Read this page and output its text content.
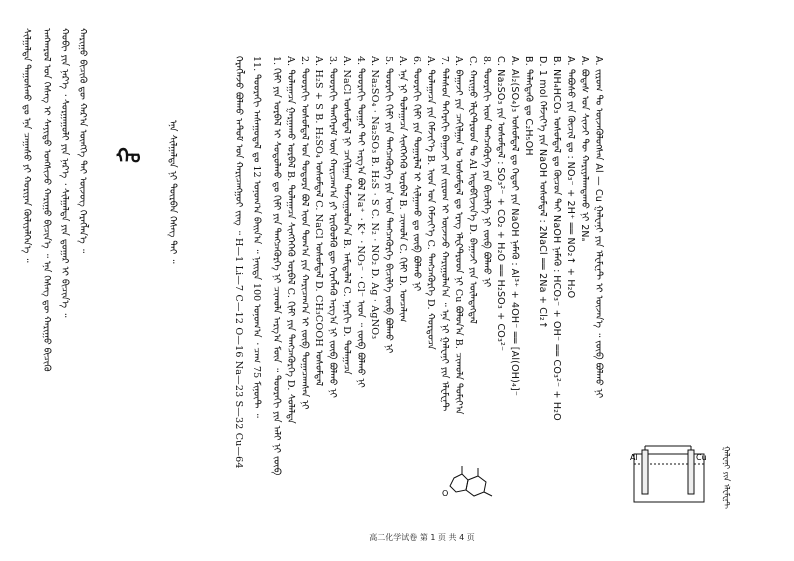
ᠠᠩᠬᠠᠷᠤᠯ ᠤᠨ ᠬᠡᠰᠡᠭ ᠢ ᠰᠠᠶᠢᠲᠤ ᠤᠩᠰᠢᠵᠤ ᠬᠠᠷᠢᠭᠤ ᠪᠢᠴᠢᠨ᠎ᠡ ᠃ ᠡᠨᠡ ᠬᠡᠰᠡᠭ ᠳᠦ ᠬᠠᠷᠢᠭᠤ ᠪᠢᠴᠢᠬᠦ ᠬᠤᠪᠢ ᠶᠢᠨ ᠨᠡᠷ᠎ᠡ ᠂ ᠰᠤᠷᠭᠠᠭᠤᠯᠢ ᠶᠢᠨ ᠨᠡᠷ᠎ᠡ ᠂ ᠰᠢᠯᠭᠠᠯᠲᠠ ᠶᠢᠨ ᠳ᠋ᠤᠭᠠᠷ ᠢ ᠪᠢᠴᠢᠨ᠎ᠡ ᠃ ᠬᠠᠷᠢᠭᠤ ᠪᠢᠴᠢᠬᠦ ᠳᠦ ᠬᠠᠷ᠎ᠠ ᠦᠩᠭᠡ ᠲᠡᠢ ᠦᠵᠦᠭ ᠬᠡᠷᠡᠭᠯᠡᠨ᠎ᠡ ᠃
ᠰᠢᠯᠭᠠᠯᠲᠠ ᠳᠠᠭᠤᠰᠬᠤ ᠳᠤ ᠡᠨᠡ ᠴᠠᠭᠠᠰᠤ ᠶᠢ ᠬᠤᠷᠢᠶᠠᠨ ᠬᠦᠯᠢᠶᠡᠯᠭᠡᠨ᠎ᠡ ᠃	ᠬᠤ	ᠡᠨᠡ ᠰᠢᠯᠭᠠᠯᠲᠠ ᠨᠢ ᠳᠦᠷᠪᠡᠨ ᠬᠡᠰᠡᠭ ᠲᠡᠢ ᠃	ᠬᠡᠷᠡᠭᠯᠡᠵᠦ ᠪᠤᠯᠬᠤ ᠠᠲ᠋ᠣᠮ ᠤᠨ ᠬᠠᠷᠢᠴᠠᠩᠭᠤᠢ ᠵᠢᠩ ᠃ H—1 Li—7 C—12 O—16 Na—23 S—32 Cu—64 11. ᠳᠣᠣᠷᠠᠬᠢ ᠠᠰᠠᠭᠤᠳᠠᠯ ᠳᠤ 12 ᠤᠨᠤᠭ᠎ᠠ ᠪᠠᠢᠨ᠎ᠠ ᠃ ᠨᠡᠢᠲᠡ 100 ᠤᠨᠤᠭ᠎ᠠ ᠂ ᠴᠠᠭ 75 ᠮᠢᠨᠦ᠋ᠲ ᠃ 1. ᠬᠢᠮᠢ ᠶᠢᠨ ᠤᠷᠪᠠᠯ ᠢ ᠰᠤᠳᠤᠯᠬᠤ ᠳᠤ ᠬᠢᠮᠢ ᠶᠢᠨ ᠲᠡᠩᠴᠡᠬᠦᠷᠭᠡ ᠨᠢ ᠴᠢᠬᠤᠯᠠ ᠠᠷᠭ᠎ᠠ ᠮᠥᠨ ᠃ ᠳᠣᠣᠷᠠᠬᠢ ᠶᠢᠨ ᠠᠯᠢ ᠨᠢ ᠵᠥᠪ A. ᠳᠤᠯᠠᠭᠠᠴᠠ ᠭᠠᠷᠭᠠᠬᠤ ᠤᠷᠪᠠᠯ B. ᠳᠤᠯᠠᠭᠠᠴᠠ ᠱᠢᠩᠭᠡᠭᠡᠬᠦ ᠤᠷᠪᠠᠯ C. ᠬᠢᠮᠢ ᠶᠢᠨ ᠲᠡᠩᠴᠡᠬᠦᠷᠭᠡ D. ᠰᠤᠯᠠᠯᠲᠠ 2. ᠳᠣᠣᠷᠠᠬᠢ ᠤᠰᠤᠮᠳᠠᠯ ᠤᠨ ᠳᠣᠲᠤᠷᠠ ᠪᠣᠯ ᠢᠣᠨ ᠲᠣᠭ᠎ᠠ ᠶᠢᠨ ᠬᠠᠷᠢᠴᠠᠭ᠎ᠠ ᠢ ᠵᠥᠪ ᠲᠣᠭᠠᠴᠠᠭᠰᠠᠨ ᠨᠢ A. H₂S + S B. H₂SO₄ ᠤᠰᠤᠮᠳᠠᠯ C. NaCl ᠤᠰᠤᠮᠳᠠᠯ D. CH₃COOH ᠤᠰᠤᠮᠳᠠᠯ 3. ᠳᠣᠣᠷᠠᠬᠢ ᠲᠡᠩᠭᠡᠷᠡᠮ ᠦᠨ ᠬᠠᠷᠢᠴᠠᠭ᠎ᠠ ᠶᠢ ᠡᠷᠢᠭᠦᠦᠯᠬᠦ ᠳᠦ ᠬᠡᠷᠡᠭᠯᠡᠬᠦ ᠠᠷᠭ᠎ᠠ ᠨᠢ ᠵᠥᠪ ᠪᠣᠯᠬᠤ ᠨᠢ A. NaCl ᠤᠰᠤᠮᠳᠠᠯ ᠨᠢ ᠴᠠᠬᠢᠯᠭᠠᠨ ᠳᠠᠮᠵᠢᠭᠤᠯᠤᠨ᠎ᠠ B. ᠠᠮᠢᠳᠠᠯᠠᠯ C. ᠡᠨᠡᠷᠭᠢ D. ᠳᠤᠯᠠᠭᠠᠴᠠ 4. ᠳᠣᠣᠷᠠᠬᠢ ᠳᠤᠭᠠᠷ ᠲᠠᠢ ᠠᠷᠭ᠎ᠠ ᠪᠣᠯ Na⁺ ᠂ K⁺ ᠂ NO₃⁻ ᠂ Cl⁻ ᠢᠣᠨ ᠃ ᠵᠥᠪ ᠪᠣᠯᠬᠤ ᠨᠢ A. Na₂SO₄ · Na₂SO₃ B. H₂S · S C. N₂ · NO₂ D. Ag · AgNO₃ 5. ᠳᠣᠣᠷᠠᠬᠢ ᠬᠢᠮᠢ ᠶᠢᠨ ᠲᠡᠩᠴᠡᠬᠦᠷᠭᠡ ᠶᠢᠨ ᠢᠣᠨ ᠲᠡᠩᠴᠡᠬᠦᠷᠭᠡ ᠪᠢᠴᠢᠯᠭᠡ ᠵᠥᠪ ᠪᠣᠯᠬᠤ ᠨᠢ A. ᠡᠨᠡ ᠨᠢ ᠳᠤᠯᠠᠭᠠᠴᠠ ᠱᠢᠩᠭᠡᠭᠡᠬᠦ ᠤᠷᠪᠠᠯ B. ᠴᠢᠬᠤᠯᠠ C. ᠬᠢᠮᠢ D. ᠣᠨᠴᠠᠯᠢᠭ 6. ᠳᠣᠣᠷᠠᠬᠢ ᠬᠢᠮᠢ ᠶᠢᠨ ᠳᠤᠭᠠᠷᠯᠠᠯ ᠢ ᠰᠢᠯᠭᠠᠬᠤ ᠳᠤ ᠵᠥᠪ ᠪᠣᠯᠬᠤ ᠨᠢ A. ᠳᠤᠯᠠᠭᠠᠴᠠ ᠶᠢᠨ ᠬᠡᠮᠵᠢᠶ᠎ᠡ B. ᠢᠣᠨ ᠤᠨ ᠬᠡᠮᠵᠢᠶ᠎ᠡ C. ᠲᠡᠩᠴᠡᠬᠦᠷᠭᠡ D. ᠬᠤᠷᠳᠤᠴᠠ 7. ᠲᠠᠯᠠᠰᠤᠨ ᠳᠡᠭᠡᠷᠡᠬᠢ ᠪᠠᠭᠠᠵᠢ ᠶᠢᠨ ᠵᠢᠷᠤᠭ ᠢ ᠦᠵᠡᠵᠦ ᠬᠠᠷᠢᠭᠤᠯᠠᠨ᠎ᠠ ᠃ ᠡᠨᠡ ᠨᠢ ᠭᠠᠯᠸᠠᠨᠢ ᠶᠢᠨ ᠡᠯᠧᠮᠧᠨ᠋ᠲ A. ᠪᠠᠭᠠᠵᠢ ᠶᠢᠨ ᠴᠠᠬᠢᠯᠭᠠᠨ ᠤ ᠤᠰᠤᠮᠳᠠᠯ ᠳᠤ ᠡᠷᠡᠭ ᠡᠯᠧᠺᠲᠷᠣᠳ ᠨᠢ Cu ᠪᠣᠯᠤᠨ᠎ᠠ B. ᠴᠢᠬᠤᠯᠠ ᠲᠤᠮᠢᠶ᠎ᠠ C. ᠬᠠᠷᠢᠭᠤ ᠡᠯᠧᠺᠲᠷᠣᠳ ᠲᠤ Al ᠢᠳᠡᠪᠬᠢᠵᠢᠨ᠎ᠡ D. ᠪᠠᠭᠠᠵᠢ ᠶᠢᠨ ᠦᠯᠡᠳᠡᠭᠳᠡᠯ 8. ᠳᠣᠣᠷᠠᠬᠢ ᠢᠣᠨ ᠲᠡᠩᠴᠡᠬᠦᠷᠭᠡ ᠶᠢᠨ ᠪᠢᠴᠢᠯᠭᠡ ᠨᠢ ᠵᠥᠪ ᠪᠣᠯᠬᠤ ᠨᠢ C. Na₂SO₃ ᠶᠢᠨ ᠤᠰᠤᠮᠳᠠᠯ : SO₃²⁻ + CO₂ + H₂O ══ H₂SO₃ + CO₃²⁻ A. Al₂(SO₄)₃ ᠤᠰᠤᠮᠳᠠᠯ ᠳᠤ ᠬᠡᠳᠦᠢ ᠶᠢᠨ NaOH ᠨᠡᠮᠡᠬᠦ : Al³⁺ + 4OH⁻ ══ [Al(OH)₄]⁻ B. ᠳᠡᠯᠡᠭᠳᠡᠬᠦ ᠳᠤ C₂H₅OH D. 1 mol ᠬᠡᠮᠵᠢᠶ᠎ᠡ ᠶᠢᠨ NaOH ᠤᠰᠤᠮᠳᠠᠯ : 2NaCl ══ 2Na + Cl₂↑ B. NH₄HCO₃ ᠤᠰᠤᠮᠳᠠᠯ ᠳᠤ ᠬᠦᠴᠦᠨ ᠲᠡᠢ NaOH ᠨᠡᠮᠡᠬᠦ : HCO₃⁻ + OH⁻ ══ CO₃²⁻ + H₂O A. ᠳᠠᠪᠤᠰᠤ ᠶᠢᠨ ᠬᠦᠴᠢᠯ ᠳᠤ : NO₃⁻ + 2H⁺ ══ NO₂↑ + H₂O A. ᠪᠣᠳᠠᠰ ᠤᠨ ᠰᠢᠨᠵᠢ ᠲᠦ ᠬᠠᠷᠢᠶᠠᠯᠠᠭᠳᠠᠬᠤ ᠨᠢ 2Nₐ A. ᠵᠢᠷᠤᠭ ᠲᠤ ᠦᠵᠡᠭᠦᠯᠦᠭᠰᠡᠨ Al — Cu ᠭᠠᠯᠸᠠᠨᠢ ᠶᠢᠨ ᠡᠯᠧᠮᠧᠨ᠋ᠲ ᠢ ᠦᠵᠡᠨ᠎ᠡ ᠃ ᠵᠥᠪ ᠪᠣᠯᠬᠤ ᠨᠢ
O
Al	Cu ᠭᠠᠯᠸᠠᠨᠢ ᠶᠢᠨ ᠡᠯᠧᠮᠧᠨ᠋ᠲ
高二化学试卷 第 1 页 共 4 页
